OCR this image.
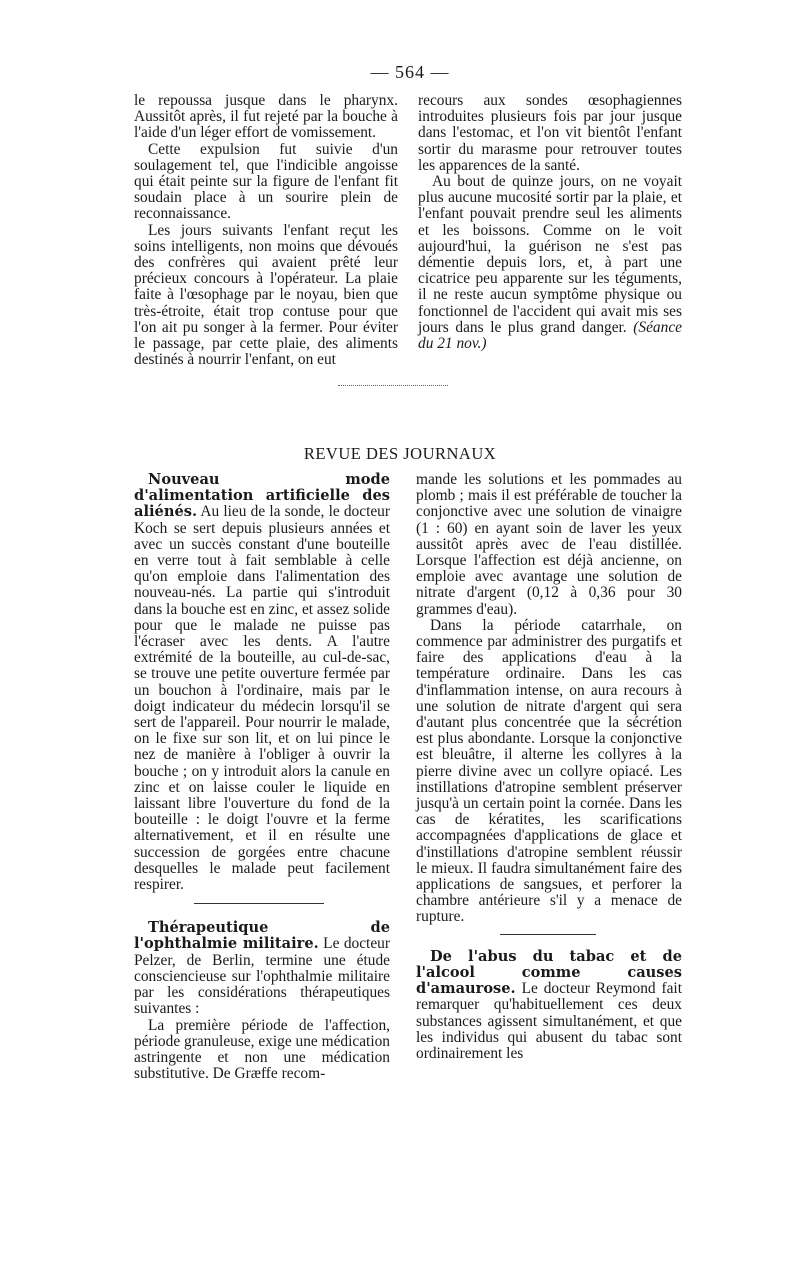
— 564 —

le repoussa jusque dans le pharynx. Aussitôt après, il fut rejeté par la bouche à l'aide d'un léger effort de vomissement.

Cette expulsion fut suivie d'un soulagement tel, que l'indicible angoisse qui était peinte sur la figure de l'enfant fit soudain place à un sourire plein de reconnaissance.

Les jours suivants l'enfant reçut les soins intelligents, non moins que dévoués des confrères qui avaient prêté leur précieux concours à l'opérateur. La plaie faite à l'œsophage par le noyau, bien que très-étroite, était trop contuse pour que l'on ait pu songer à la fermer. Pour éviter le passage, par cette plaie, des aliments destinés à nourrir l'enfant, on eut

recours aux sondes œsophagiennes introduites plusieurs fois par jour jusque dans l'estomac, et l'on vit bientôt l'enfant sortir du marasme pour retrouver toutes les apparences de la santé.

Au bout de quinze jours, on ne voyait plus aucune mucosité sortir par la plaie, et l'enfant pouvait prendre seul les aliments et les boissons. Comme on le voit aujourd'hui, la guérison ne s'est pas démentie depuis lors, et, à part une cicatrice peu apparente sur les téguments, il ne reste aucun symptôme physique ou fonctionnel de l'accident qui avait mis ses jours dans le plus grand danger. (Séance du 21 nov.)

REVUE DES JOURNAUX

Nouveau mode d'alimentation artificielle des aliénés. Au lieu de la sonde, le docteur Koch se sert depuis plusieurs années et avec un succès constant d'une bouteille en verre tout à fait semblable à celle qu'on emploie dans l'alimentation des nouveau-nés. La partie qui s'introduit dans la bouche est en zinc, et assez solide pour que le malade ne puisse pas l'écraser avec les dents. A l'autre extrémité de la bouteille, au cul-de-sac, se trouve une petite ouverture fermée par un bouchon à l'ordinaire, mais par le doigt indicateur du médecin lorsqu'il se sert de l'appareil. Pour nourrir le malade, on le fixe sur son lit, et on lui pince le nez de manière à l'obliger à ouvrir la bouche ; on y introduit alors la canule en zinc et on laisse couler le liquide en laissant libre l'ouverture du fond de la bouteille : le doigt l'ouvre et la ferme alternativement, et il en résulte une succession de gorgées entre chacune desquelles le malade peut facilement respirer.

Thérapeutique de l'ophthalmie militaire. Le docteur Pelzer, de Berlin, termine une étude consciencieuse sur l'ophthalmie militaire par les considérations thérapeutiques suivantes :

La première période de l'affection, période granuleuse, exige une médication astringente et non une médication substitutive. De Græffe recom-

mande les solutions et les pommades au plomb ; mais il est préférable de toucher la conjonctive avec une solution de vinaigre (1 : 60) en ayant soin de laver les yeux aussitôt après avec de l'eau distillée. Lorsque l'affection est déjà ancienne, on emploie avec avantage une solution de nitrate d'argent (0,12 à 0,36 pour 30 grammes d'eau).

Dans la période catarrhale, on commence par administrer des purgatifs et faire des applications d'eau à la température ordinaire. Dans les cas d'inflammation intense, on aura recours à une solution de nitrate d'argent qui sera d'autant plus concentrée que la sécrétion est plus abondante. Lorsque la conjonctive est bleuâtre, il alterne les collyres à la pierre divine avec un collyre opiacé. Les instillations d'atropine semblent préserver jusqu'à un certain point la cornée. Dans les cas de kératites, les scarifications accompagnées d'applications de glace et d'instillations d'atropine semblent réussir le mieux. Il faudra simultanément faire des applications de sangsues, et perforer la chambre antérieure s'il y a menace de rupture.

De l'abus du tabac et de l'alcool comme causes d'amaurose. Le docteur Reymond fait remarquer qu'habituellement ces deux substances agissent simultanément, et que les individus qui abusent du tabac sont ordinairement les
